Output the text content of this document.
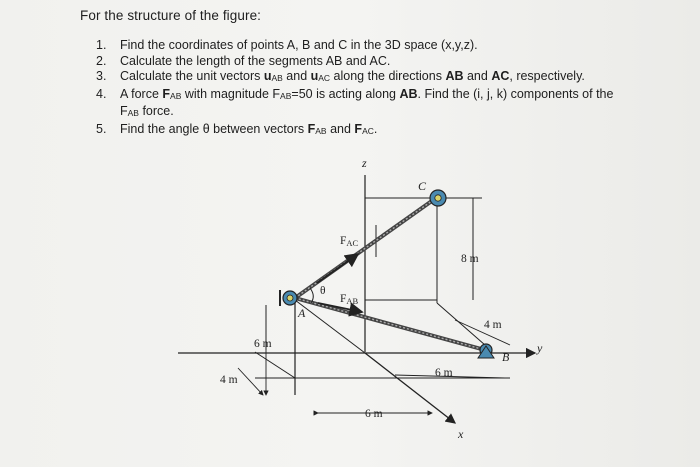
For the structure of the figure:
1.	Find the coordinates of points A, B and C in the 3D space (x,y,z).
2.	Calculate the length of the segments AB and AC.
3.	Calculate the unit vectors uAB and uAC along the directions AB and AC, respectively.
4.	A force FAB with magnitude FAB=50 is acting along AB. Find the (i, j, k) components of the
FAB force.
5.	Find the angle θ between vectors FAB and FAC.
z
y
x
A
B
C
θ
FAC
FAB
8 m
4 m
6 m
4 m
6 m
6 m
